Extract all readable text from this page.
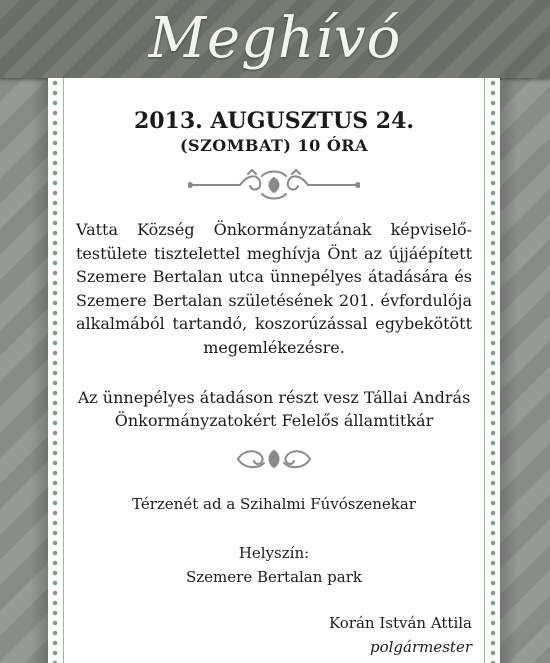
Meghívó
2013. AUGUSZTUS 24.
(SZOMBAT) 10 ÓRA
Vatta Község Önkormányzatának képviselő-testülete tisztelettel meghívja Önt az újjáépített Szemere Bertalan utca ünnepélyes átadására és Szemere Bertalan születésének 201. évfordulója alkalmából tartandó, koszorúzással egybekötött megemlékezésre.
Az ünnepélyes átadáson részt vesz Tállai András
Önkormányzatokért Felelős államtitkár
Térzenét ad a Szihalmi Fúvószenekar
Helyszín:
Szemere Bertalan park
Korán István Attila
polgármester
